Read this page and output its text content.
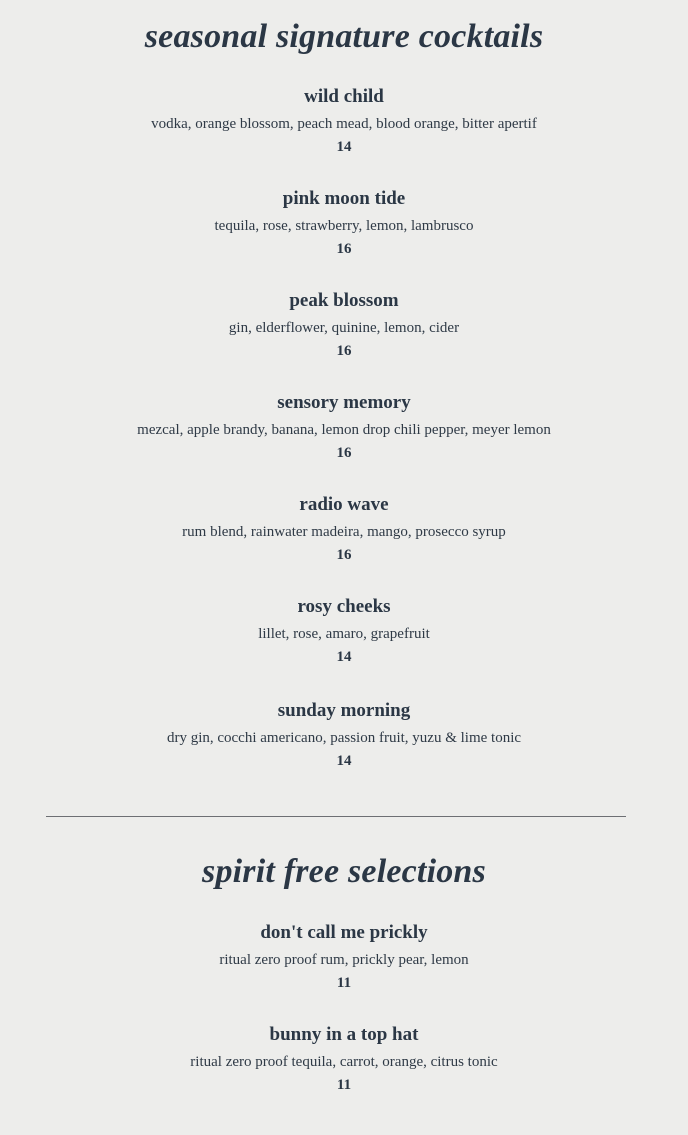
seasonal signature cocktails
wild child
vodka, orange blossom, peach mead, blood orange, bitter apertif
14
pink moon tide
tequila, rose, strawberry, lemon, lambrusco
16
peak blossom
gin, elderflower, quinine, lemon, cider
16
sensory memory
mezcal, apple brandy, banana, lemon drop chili pepper, meyer lemon
16
radio wave
rum blend, rainwater madeira, mango, prosecco syrup
16
rosy cheeks
lillet, rose, amaro, grapefruit
14
sunday morning
dry gin, cocchi americano, passion fruit, yuzu & lime tonic
14
spirit free selections
don't call me prickly
ritual zero proof rum, prickly pear, lemon
11
bunny in a top hat
ritual zero proof tequila, carrot, orange, citrus tonic
11
